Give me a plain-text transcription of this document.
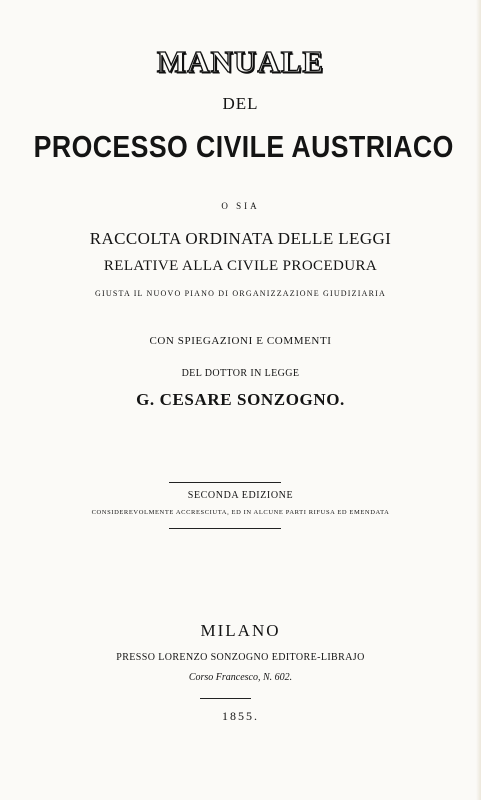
MANUALE
DEL
PROCESSO CIVILE AUSTRIACO
O SIA
RACCOLTA ORDINATA DELLE LEGGI
RELATIVE ALLA CIVILE PROCEDURA
GIUSTA IL NUOVO PIANO DI ORGANIZZAZIONE GIUDIZIARIA
CON SPIEGAZIONI E COMMENTI
DEL DOTTOR IN LEGGE
G. CESARE SONZOGNO.
SECONDA EDIZIONE
CONSIDEREVOLMENTE ACCRESCIUTA, ED IN ALCUNE PARTI RIFUSA ED EMENDATA
MILANO
PRESSO LORENZO SONZOGNO EDITORE-LIBRAJO
Corso Francesco, N. 602.
1855.
